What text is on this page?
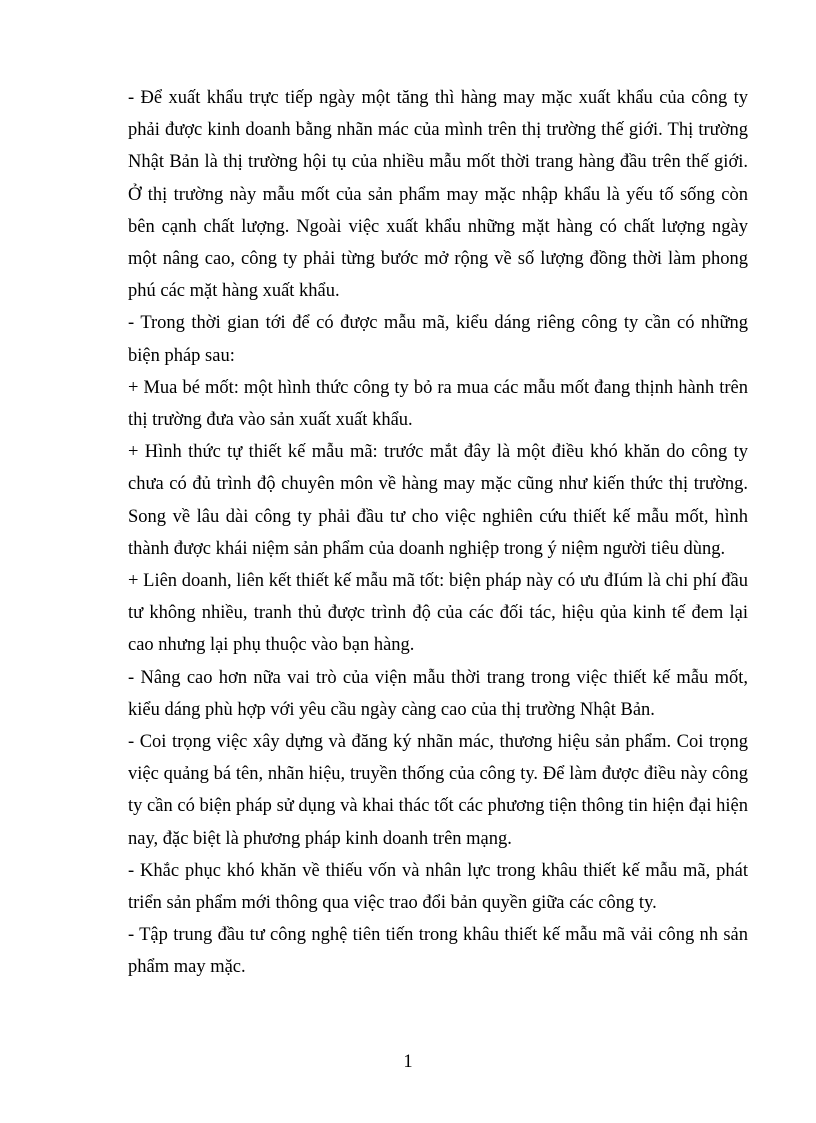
- Để xuất khẩu trực tiếp ngày một tăng thì hàng may mặc xuất khẩu của công ty phải được kinh doanh bằng nhãn mác của mình trên thị trường thế giới. Thị trường Nhật Bản là thị trường hội tụ của nhiều mẫu mốt thời trang hàng đầu trên thế giới. Ở thị trường này mẫu mốt của sản phẩm may mặc nhập khẩu là yếu tố sống còn bên cạnh chất lượng. Ngoài việc xuất khẩu những mặt hàng có chất lượng ngày một nâng cao, công ty phải từng bước mở rộng về số lượng đồng thời làm phong phú các mặt hàng xuất khẩu.

- Trong thời gian tới để có được mẫu mã, kiểu dáng riêng công ty cần có những biện pháp sau:

+ Mua bé mốt: một hình thức công ty bỏ ra mua các mẫu mốt đang thịnh hành trên thị trường đưa vào sản xuất xuất khẩu.

+ Hình thức tự thiết kế mẫu mã: trước mắt đây là một điều khó khăn do công ty chưa có đủ trình độ chuyên môn về hàng may mặc cũng như kiến thức thị trường. Song về lâu dài công ty phải đầu tư cho việc nghiên cứu thiết kế mẫu mốt, hình thành được khái niệm sản phẩm của doanh nghiệp trong ý niệm người tiêu dùng.

+ Liên doanh, liên kết thiết kế mẫu mã tốt: biện pháp này có ưu đIúm là chi phí đầu tư không nhiều, tranh thủ được trình độ của các đối tác, hiệu qủa kinh tế đem lại cao nhưng lại phụ thuộc vào bạn hàng.

- Nâng cao hơn nữa vai trò của viện mẫu thời trang trong việc thiết kế mẫu mốt, kiểu dáng phù hợp với yêu cầu ngày càng cao của thị trường Nhật Bản.

- Coi trọng việc xây dựng và đăng ký nhãn mác, thương hiệu sản phẩm. Coi trọng việc quảng bá tên, nhãn hiệu, truyền thống của công ty. Để làm được điều này công ty cần có biện pháp sử dụng và khai thác tốt các phương tiện thông tin hiện đại hiện nay, đặc biệt là phương pháp kinh doanh trên mạng.

- Khắc phục khó khăn về thiếu vốn và nhân lực trong khâu thiết kế mẫu mã, phát triển sản phẩm mới thông qua việc trao đổi bản quyền giữa các công ty.

- Tập trung đầu tư công nghệ tiên tiến trong khâu thiết kế mẫu mã vải công nh sản phẩm may mặc.

1
